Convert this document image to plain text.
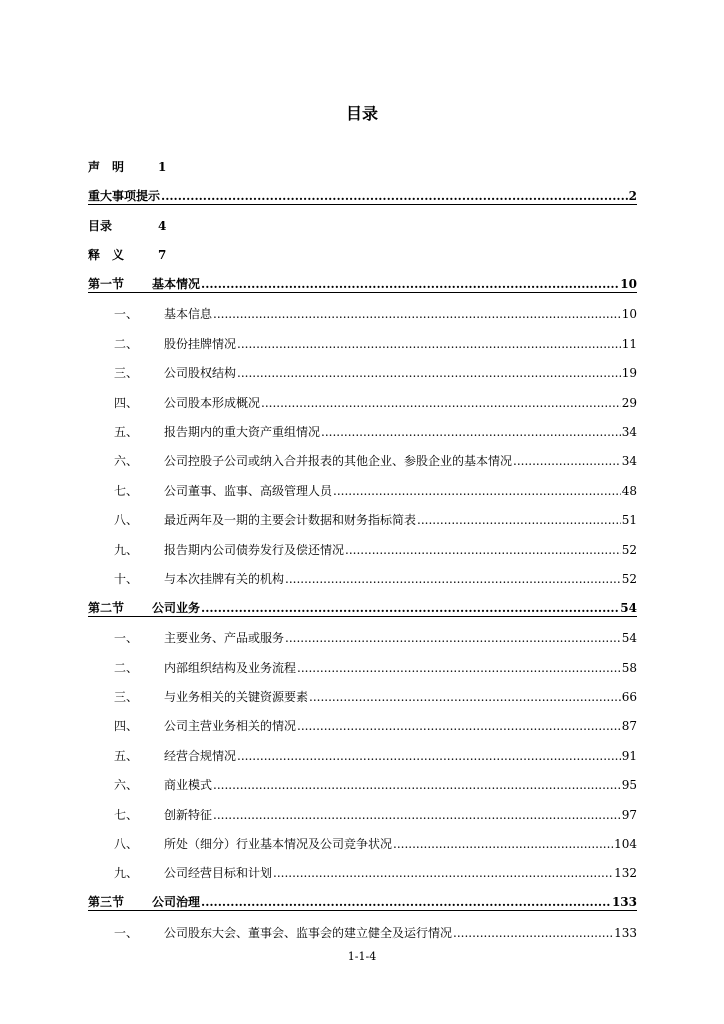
目录
声　明	1
重大事项提示 .....	2
目录	4
释　义	7
第一节	基本情况 .....	10
一、	基本信息 .....	10
二、	股份挂牌情况 .....	11
三、	公司股权结构 .....	19
四、	公司股本形成概况 .....	29
五、	报告期内的重大资产重组情况 .....	34
六、	公司控股子公司或纳入合并报表的其他企业、参股企业的基本情况 .....	34
七、	公司董事、监事、高级管理人员 .....	48
八、	最近两年及一期的主要会计数据和财务指标简表 .....	51
九、	报告期内公司债券发行及偿还情况 .....	52
十、	与本次挂牌有关的机构 .....	52
第二节	公司业务 .....	54
一、	主要业务、产品或服务 .....	54
二、	内部组织结构及业务流程 .....	58
三、	与业务相关的关键资源要素 .....	66
四、	公司主营业务相关的情况 .....	87
五、	经营合规情况 .....	91
六、	商业模式 .....	95
七、	创新特征 .....	97
八、	所处（细分）行业基本情况及公司竞争状况 .....	104
九、	公司经营目标和计划 .....	132
第三节	公司治理 .....	133
一、	公司股东大会、董事会、监事会的建立健全及运行情况 .....	133
1-1-4
